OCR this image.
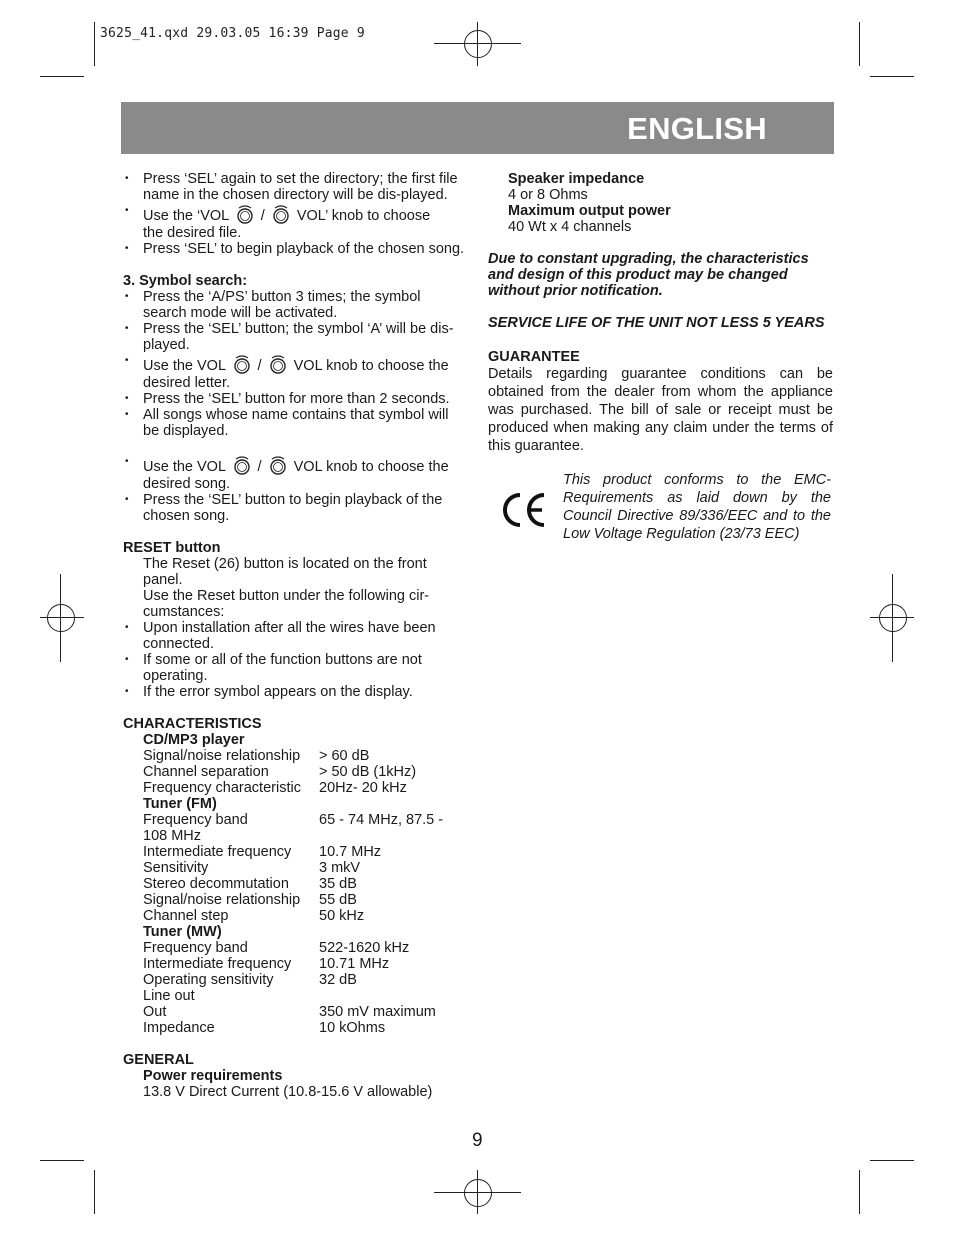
3625_41.qxd 29.03.05 16:39 Page 9
ENGLISH
• Press ‘SEL’ again to set the directory; the first file name in the chosen directory will be dis-played.
• Use the ‘VOL / VOL’ knob to choose
the desired file.
• Press ‘SEL’ to begin playback of the chosen song.
3. Symbol search:
• Press the ‘A/PS’ button 3 times; the symbol search mode will be activated.
• Press the ‘SEL’ button; the symbol ‘A’ will be dis-played.
• Use the VOL / VOL knob to choose the
desired letter.
• Press the ‘SEL’ button for more than 2 seconds.
• All songs whose name contains that symbol will be displayed.
• Use the VOL / VOL knob to choose the
desired song.
• Press the ‘SEL’ button to begin playback of the chosen song.
RESET button
The Reset (26) button is located on the front panel.
Use the Reset button under the following cir-cumstances:
• Upon installation after all the wires have been connected.
• If some or all of the function buttons are not operating.
• If the error symbol appears on the display.
CHARACTERISTICS
CD/MP3 player
Signal/noise relationship	> 60 dB
Channel separation	> 50 dB (1kHz)
Frequency characteristic	20Hz- 20 kHz
Tuner (FM)
Frequency band	65 - 74 MHz, 87.5 -
108 MHz
Intermediate frequency	10.7 MHz
Sensitivity	3 mkV
Stereo decommutation	35 dB
Signal/noise relationship	55 dB
Channel step	50 kHz
Tuner (MW)
Frequency band	522-1620 kHz
Intermediate frequency	10.71 MHz
Operating sensitivity	32 dB
Line out
Out	350 mV maximum
Impedance	10 kOhms
GENERAL
Power requirements
13.8 V Direct Current (10.8-15.6 V allowable)
Speaker impedance
4 or 8 Ohms
Maximum output power
40 Wt x 4 channels
Due to constant upgrading, the characteristics and design of this product may be changed without prior notification.
SERVICE LIFE OF THE UNIT NOT LESS 5 YEARS
GUARANTEE
Details regarding guarantee conditions can be obtained from the dealer from whom the appliance was purchased. The bill of sale or receipt must be produced when making any claim under the terms of this guarantee.
This product conforms to the EMC-Requirements as laid down by the Council Directive 89/336/EEC and to the Low Voltage Regulation (23/73 EEC)
9
